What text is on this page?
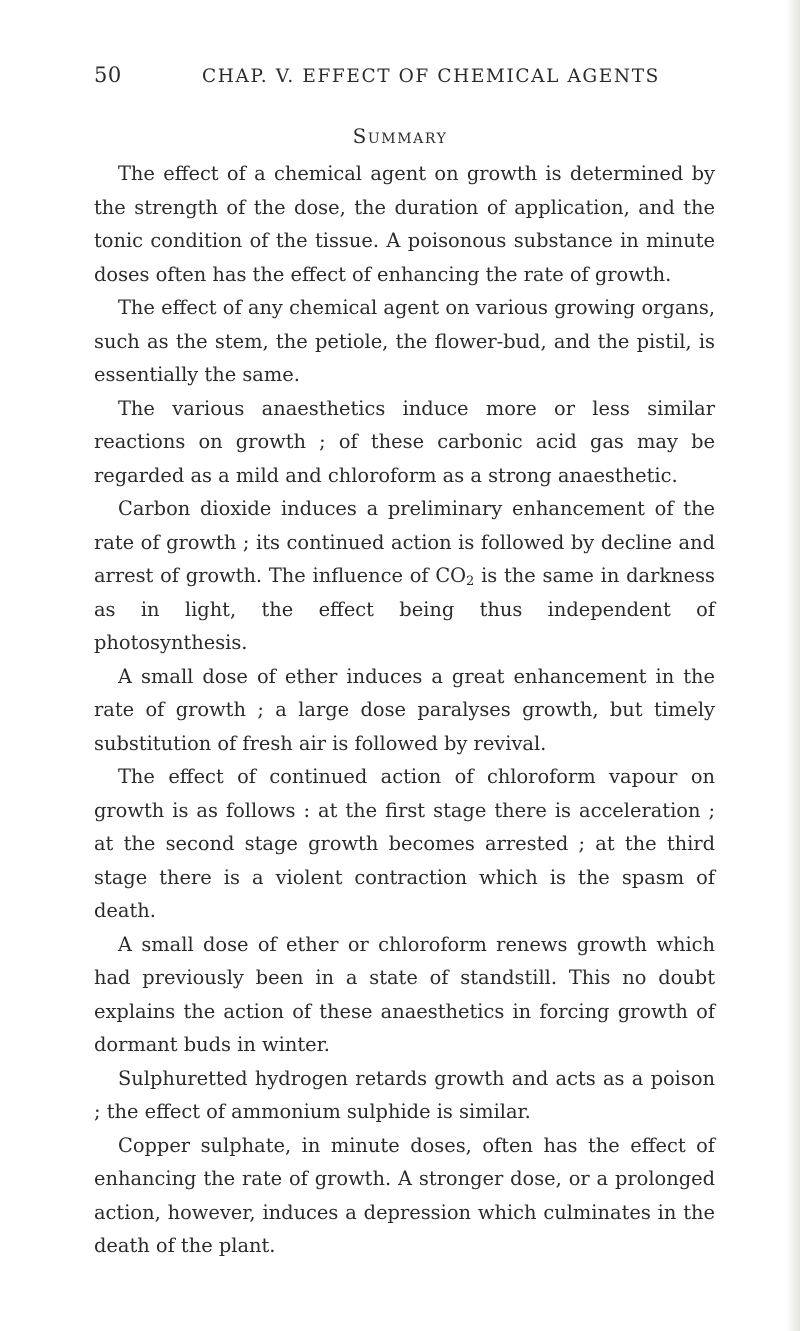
50	CHAP. V. EFFECT OF CHEMICAL AGENTS
Summary

The effect of a chemical agent on growth is determined by the strength of the dose, the duration of application, and the tonic condition of the tissue. A poisonous substance in minute doses often has the effect of enhancing the rate of growth.

The effect of any chemical agent on various growing organs, such as the stem, the petiole, the flower-bud, and the pistil, is essentially the same.

The various anaesthetics induce more or less similar reactions on growth ; of these carbonic acid gas may be regarded as a mild and chloroform as a strong anaesthetic.

Carbon dioxide induces a preliminary enhancement of the rate of growth ; its continued action is followed by decline and arrest of growth. The influence of $CO_2$ is the same in darkness as in light, the effect being thus independent of photosynthesis.

A small dose of ether induces a great enhancement in the rate of growth ; a large dose paralyses growth, but timely substitution of fresh air is followed by revival.

The effect of continued action of chloroform vapour on growth is as follows : at the first stage there is acceleration ; at the second stage growth becomes arrested ; at the third stage there is a violent contraction which is the spasm of death.

A small dose of ether or chloroform renews growth which had previously been in a state of standstill. This no doubt explains the action of these anaesthetics in forcing growth of dormant buds in winter.

Sulphuretted hydrogen retards growth and acts as a poison ; the effect of ammonium sulphide is similar.

Copper sulphate, in minute doses, often has the effect of enhancing the rate of growth. A stronger dose, or a prolonged action, however, induces a depression which culminates in the death of the plant.
